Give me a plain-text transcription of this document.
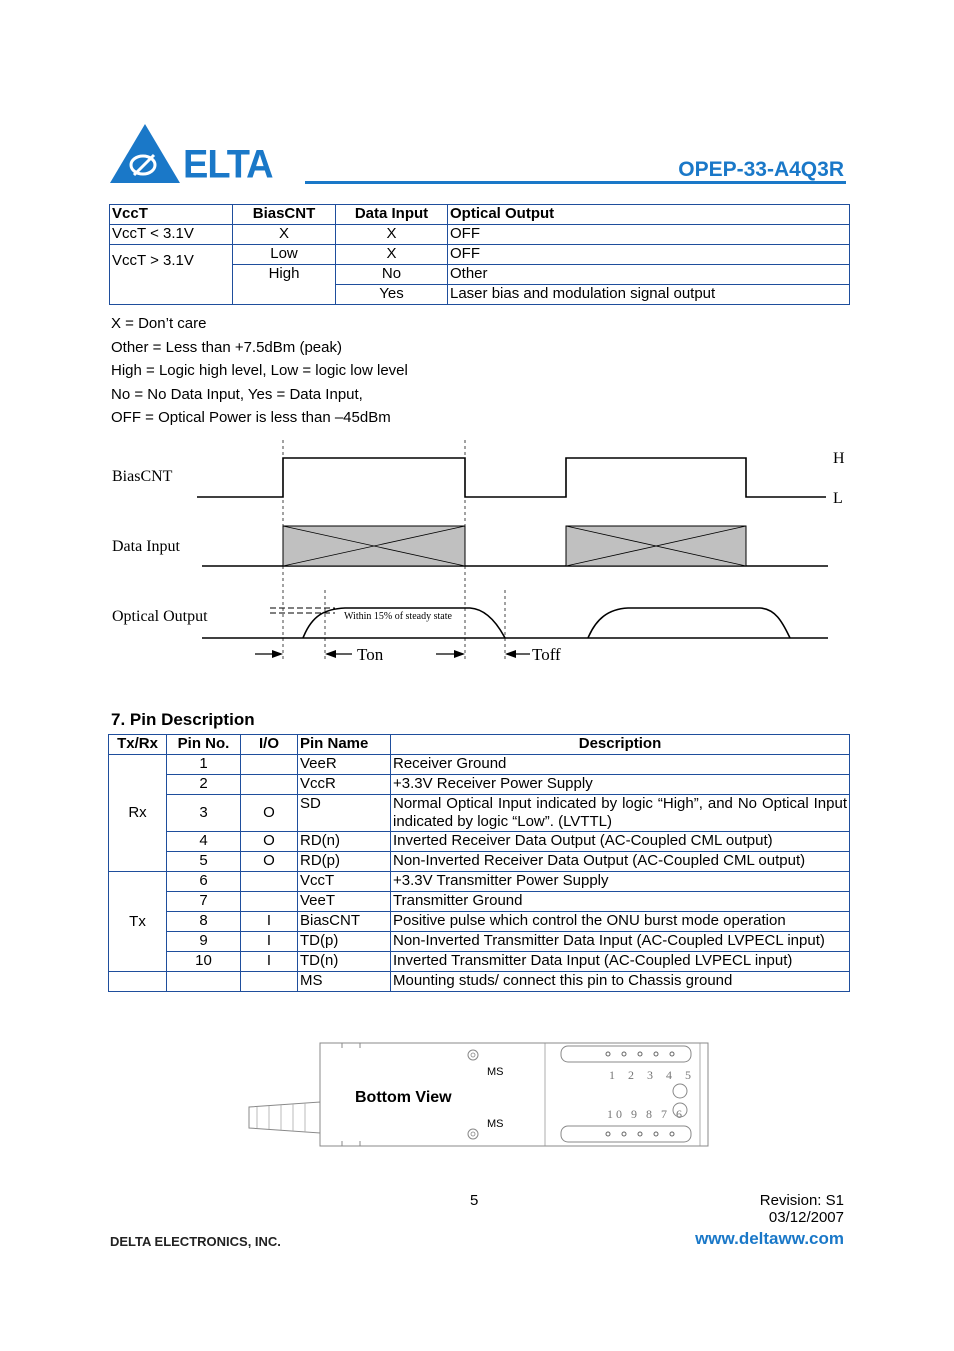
ELTA	OPEP-33-A4Q3R
VccT	BiasCNT	Data Input	Optical Output
VccT < 3.1V	X	X	OFF
VccT > 3.1V	Low	X	OFF
	High	No	Other
		Yes	Laser bias and modulation signal output
X = Don’t care
Other = Less than +7.5dBm (peak)
High = Logic high level, Low = logic low level
No = No Data Input, Yes = Data Input,
OFF = Optical Power is less than –45dBm
BiasCNT
H
L
Data Input
Optical Output	Within 15% of steady state
Ton	Toff
7. Pin Description
Tx/Rx	Pin No.	I/O	Pin Name	Description
Rx	1		VeeR	Receiver Ground
	2		VccR	+3.3V Receiver Power Supply
	3	O	SD	Normal Optical Input indicated by logic “High”, and No Optical Input indicated by logic “Low”. (LVTTL)
	4	O	RD(n)	Inverted Receiver Data Output (AC-Coupled CML output)
	5	O	RD(p)	Non-Inverted Receiver Data Output (AC-Coupled CML output)
Tx	6		VccT	+3.3V Transmitter Power Supply
	7		VeeT	Transmitter Ground
	8	I	BiasCNT	Positive pulse which control the ONU burst mode operation
	9	I	TD(p)	Non-Inverted Transmitter Data Input (AC-Coupled LVPECL input)
	10	I	TD(n)	Inverted Transmitter Data Input (AC-Coupled LVPECL input)
			MS	Mounting studs/ connect this pin to Chassis ground
MS
MS
Bottom View
1 2 3 4 5
10 9 8 7 6
5	Revision: S1
03/12/2007
DELTA ELECTRONICS, INC.	www.deltaww.com
